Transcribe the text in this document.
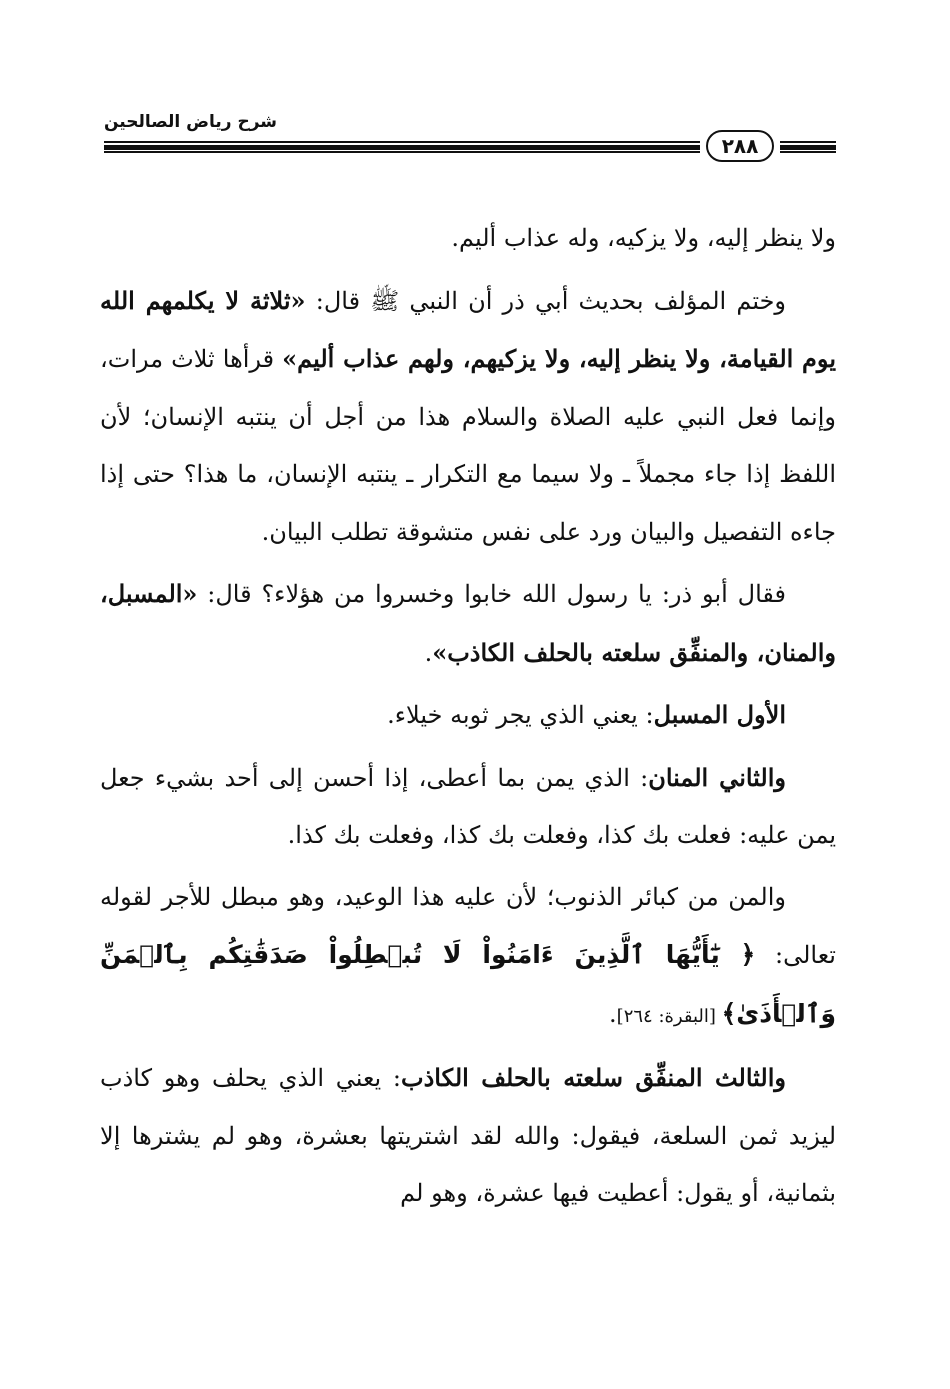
شرح رياض الصالحين
٢٨٨

ولا ينظر إليه، ولا يزكيه، وله عذاب أليم.

وختم المؤلف بحديث أبي ذر أن النبي ﷺ قال: «ثلاثة لا يكلمهم الله يوم القيامة، ولا ينظر إليه، ولا يزكيهم، ولهم عذاب أليم» قرأها ثلاث مرات، وإنما فعل النبي عليه الصلاة والسلام هذا من أجل أن ينتبه الإنسان؛ لأن اللفظ إذا جاء مجملاً ـ ولا سيما مع التكرار ـ ينتبه الإنسان، ما هذا؟ حتى إذا جاءه التفصيل والبيان ورد على نفس متشوقة تطلب البيان.

فقال أبو ذر: يا رسول الله خابوا وخسروا من هؤلاء؟ قال: «المسبل، والمنان، والمنفِّق سلعته بالحلف الكاذب».

الأول المسبل: يعني الذي يجر ثوبه خيلاء.

والثاني المنان: الذي يمن بما أعطى، إذا أحسن إلى أحد بشيء جعل يمن عليه: فعلت بك كذا، وفعلت بك كذا، وفعلت بك كذا.

والمن من كبائر الذنوب؛ لأن عليه هذا الوعيد، وهو مبطل للأجر لقوله تعالى: ﴿ يَٰٓأَيُّهَا ٱلَّذِينَ ءَامَنُواْ لَا تُبۡطِلُواْ صَدَقَٰتِكُم بِٱلۡمَنِّ وَٱلۡأَذَىٰ﴾ [البقرة: ٢٦٤].

والثالث المنفِّق سلعته بالحلف الكاذب: يعني الذي يحلف وهو كاذب ليزيد ثمن السلعة، فيقول: والله لقد اشتريتها بعشرة، وهو لم يشترها إلا بثمانية، أو يقول: أعطيت فيها عشرة، وهو لم
